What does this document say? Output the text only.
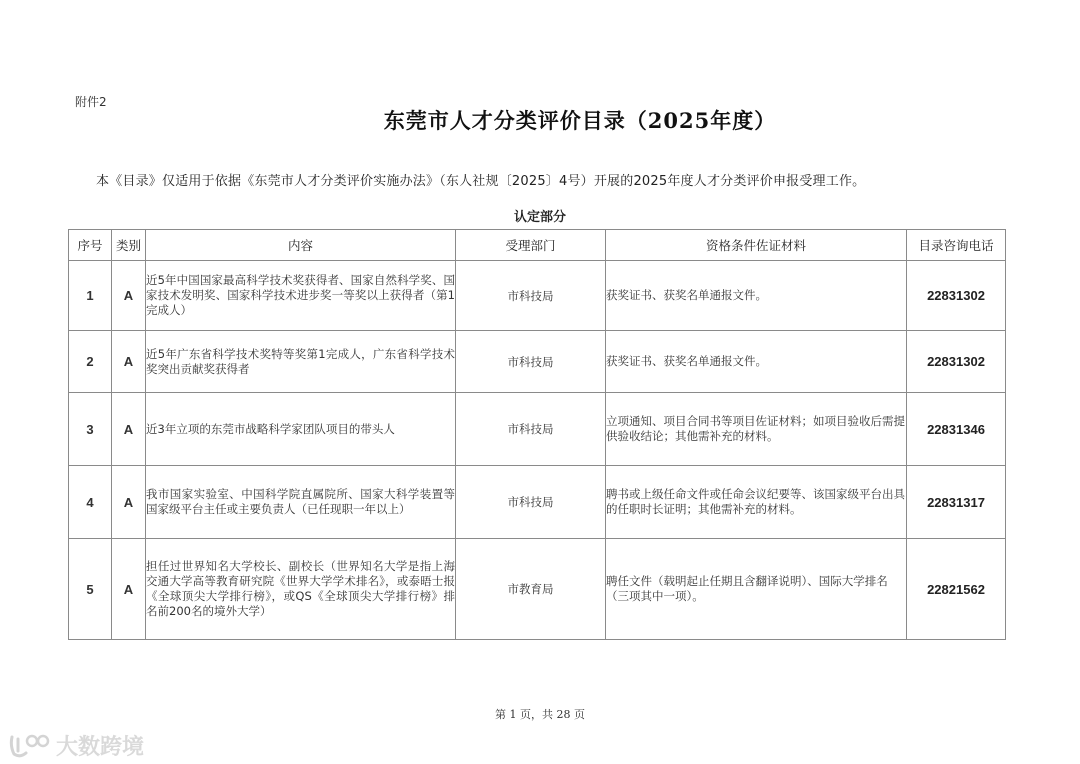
附件2
东莞市人才分类评价目录（2025年度）
本《目录》仅适用于依据《东莞市人才分类评价实施办法》（东人社规〔2025〕4号）开展的2025年度人才分类评价申报受理工作。
认定部分
序号	类别	内容	受理部门	资格条件佐证材料	目录咨询电话
1	A	近5年中国国家最高科学技术奖获得者、国家自然科学奖、国家技术发明奖、国家科学技术进步奖一等奖以上获得者（第1完成人）	市科技局	获奖证书、获奖名单通报文件。	22831302
2	A	近5年广东省科学技术奖特等奖第1完成人，广东省科学技术奖突出贡献奖获得者	市科技局	获奖证书、获奖名单通报文件。	22831302
3	A	近3年立项的东莞市战略科学家团队项目的带头人	市科技局	立项通知、项目合同书等项目佐证材料；如项目验收后需提供验收结论；其他需补充的材料。	22831346
4	A	我市国家实验室、中国科学院直属院所、国家大科学装置等国家级平台主任或主要负责人（已任现职一年以上）	市科技局	聘书或上级任命文件或任命会议纪要等、该国家级平台出具的任职时长证明；其他需补充的材料。	22831317
5	A	担任过世界知名大学校长、副校长（世界知名大学是指上海交通大学高等教育研究院《世界大学学术排名》，或泰晤士报《全球顶尖大学排行榜》，或QS《全球顶尖大学排行榜》排名前200名的境外大学）	市教育局	聘任文件（载明起止任期且含翻译说明）、国际大学排名（三项其中一项）。	22821562
第 1 页，共 28 页
大数跨境
